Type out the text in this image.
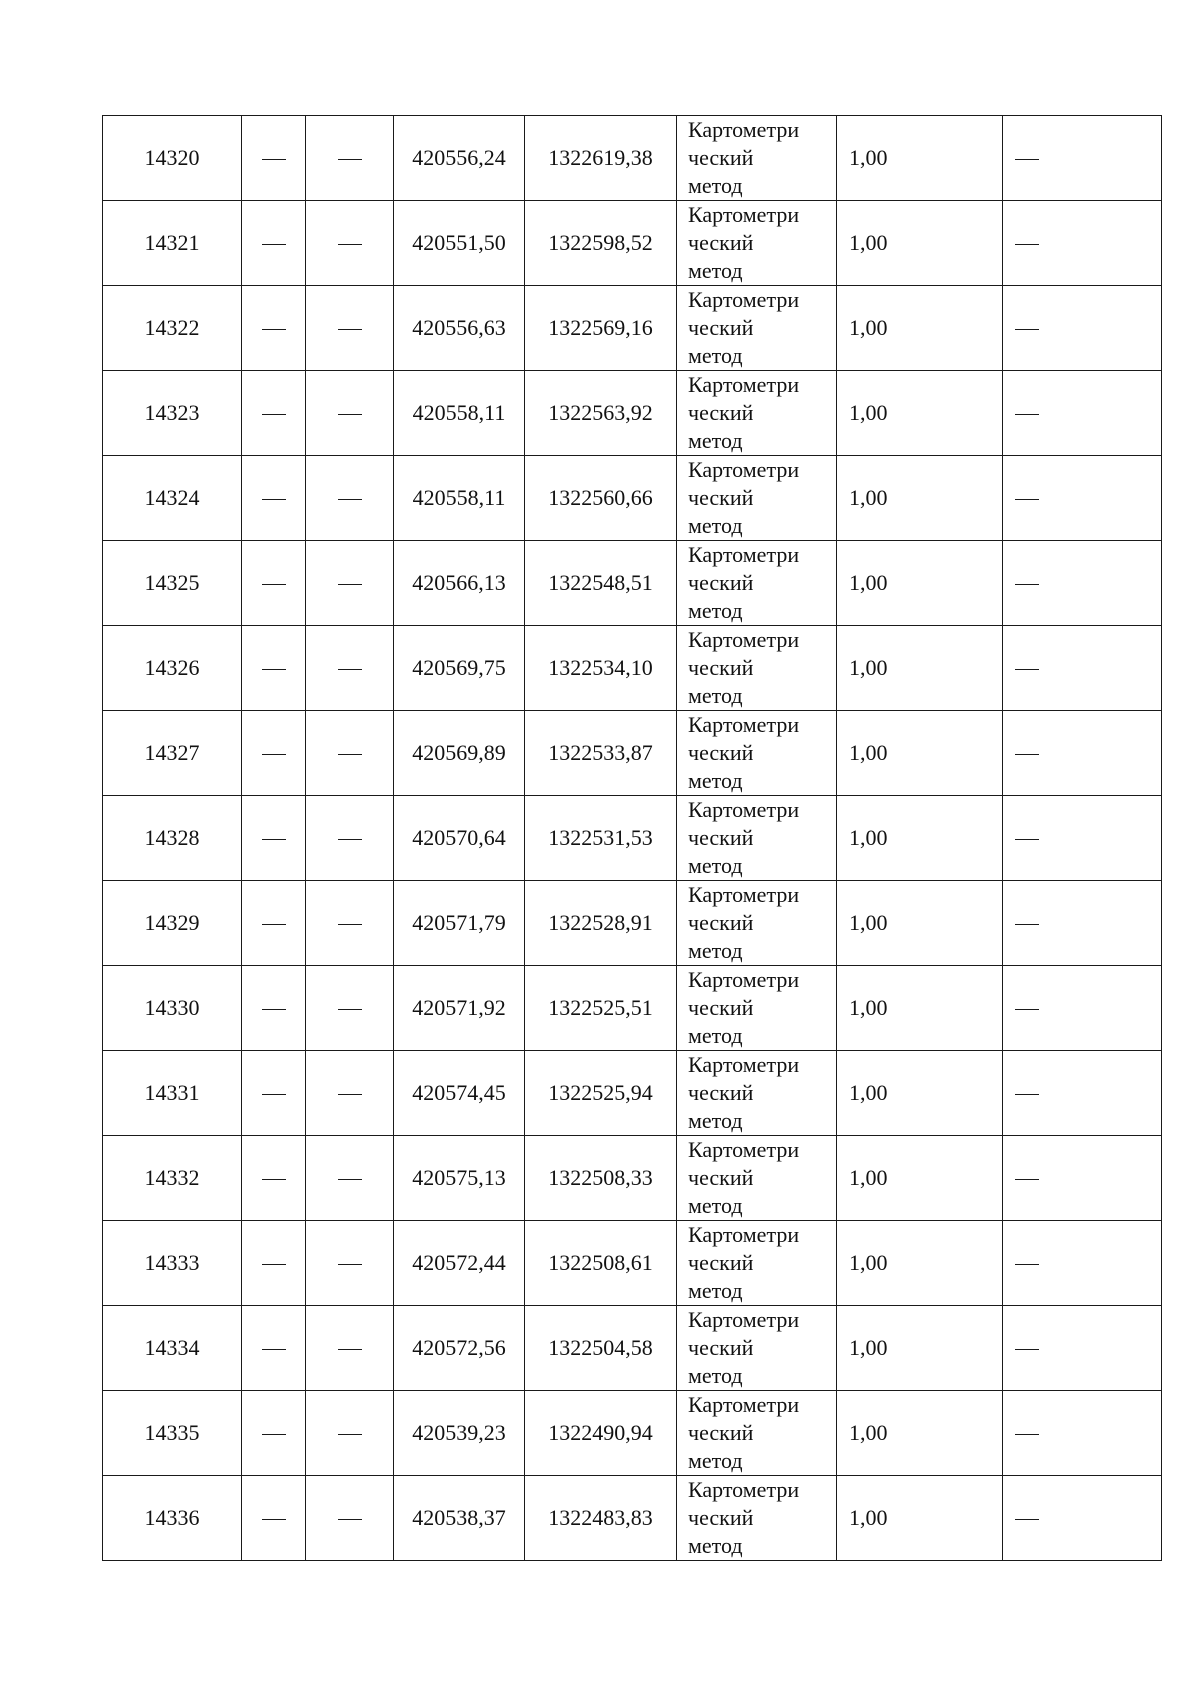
14320			420556,24	1322619,38	Картометри
ческий
метод	1,00	
14321			420551,50	1322598,52	Картометри
ческий
метод	1,00	
14322			420556,63	1322569,16	Картометри
ческий
метод	1,00	
14323			420558,11	1322563,92	Картометри
ческий
метод	1,00	
14324			420558,11	1322560,66	Картометри
ческий
метод	1,00	
14325			420566,13	1322548,51	Картометри
ческий
метод	1,00	
14326			420569,75	1322534,10	Картометри
ческий
метод	1,00	
14327			420569,89	1322533,87	Картометри
ческий
метод	1,00	
14328			420570,64	1322531,53	Картометри
ческий
метод	1,00	
14329			420571,79	1322528,91	Картометри
ческий
метод	1,00	
14330			420571,92	1322525,51	Картометри
ческий
метод	1,00	
14331			420574,45	1322525,94	Картометри
ческий
метод	1,00	
14332			420575,13	1322508,33	Картометри
ческий
метод	1,00	
14333			420572,44	1322508,61	Картометри
ческий
метод	1,00	
14334			420572,56	1322504,58	Картометри
ческий
метод	1,00	
14335			420539,23	1322490,94	Картометри
ческий
метод	1,00	
14336			420538,37	1322483,83	Картометри
ческий
метод	1,00	
